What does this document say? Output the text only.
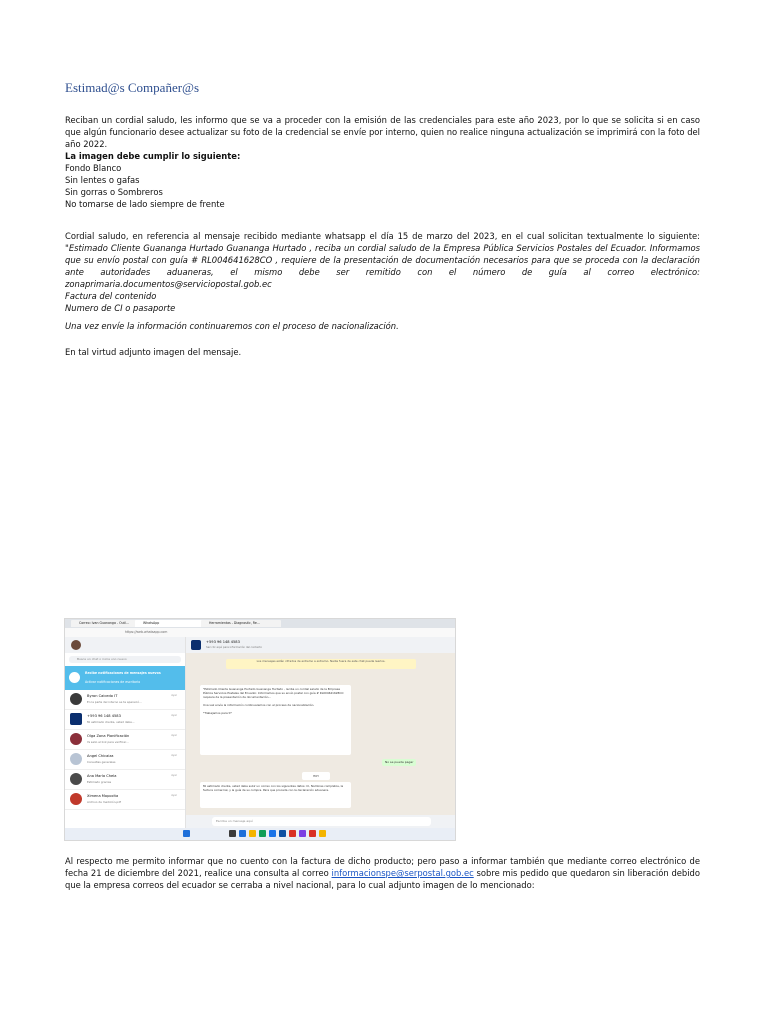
Estimad@s Compañer@s
Reciban un cordial saludo, les informo que se va a proceder con la emisión de las credenciales para este año 2023, por lo que se solicita si en caso que algún funcionario desee actualizar su foto de la credencial se envíe por interno, quien no realice ninguna actualización se imprimirá con la foto del año 2022.

La imagen debe cumplir lo siguiente:

Fondo Blanco

Sin lentes o gafas

Sin gorras o Sombreros

No tomarse de lado siempre de frente

Cordial saludo, en referencia al mensaje recibido mediante whatsapp el día 15 de marzo del 2023, en el cual solicitan textualmente lo siguiente: "Estimado Cliente Guananga Hurtado Guananga Hurtado , reciba un cordial saludo de la Empresa Pública Servicios Postales del Ecuador. Informamos que su envío postal con guía # RL004641628CO , requiere de la presentación de documentación necesarios para que se proceda con la declaración ante autoridades aduaneras, el mismo debe ser remitido con el número de guía al correo electrónico: zonaprimaria.documentos@serviciopostal.gob.ec

Factura del contenido

Numero de CI o pasaporte

Una vez envíe la información continuaremos con el proceso de nacionalización.
En tal virtud adjunto imagen del mensaje.
Correo: Ivan Guananga - Outl...	WhatsApp	Herramientas - Diagnostic, Re...
https://web.whatsapp.com
Busca un chat o inicia uno nuevo
Recibe notificaciones de mensajes nuevos
Activar notificaciones de escritorio
Byron Caicedo IT
En la parte del interno se te apareció...
Ayer
+593 96 148 4583
Mi estimado cliente, usted debe...
Ayer
Olga Zona Planificación
Ya salio el link para verificar...
Ayer
Angel Chicaiza
Consultas generales
Ayer
Ana María Chela
Estimado gracias
Ayer
Ximena Mopocita
Archivo de medición.pdf
Ayer
+593 96 148 4583
haz clic aquí para información del contacto
Los mensajes están cifrados de extremo a extremo. Nadie fuera de este chat puede leerlos.
"Estimado Cliente Guananga Hurtado Guananga Hurtado , reciba un cordial saludo de la Empresa Pública Servicios Postales del Ecuador. Informamos que su envío postal con guía # RL004641628CO requiere de la presentación de documentación...
Una vez envíe la información continuaremos con el proceso de nacionalización.
*Trabajamos para ti*
No se puede pagar
HOY
Mi estimado cliente, usted debe subir un correo con los siguientes datos: CI, Nombres completos, la factura comercial, y la guía de su compra. Para que proceda con la declaración aduanera.
Escribe un mensaje aquí
Al respecto me permito informar que no cuento con la factura de dicho producto; pero paso a informar también que mediante correo electrónico de fecha 21 de diciembre del 2021, realice una consulta al correo informacionspe@serpostal.gob.ec sobre mis pedido que quedaron sin liberación debido que la empresa correos del ecuador se cerraba a nivel nacional, para lo cual adjunto imagen de lo mencionado:
